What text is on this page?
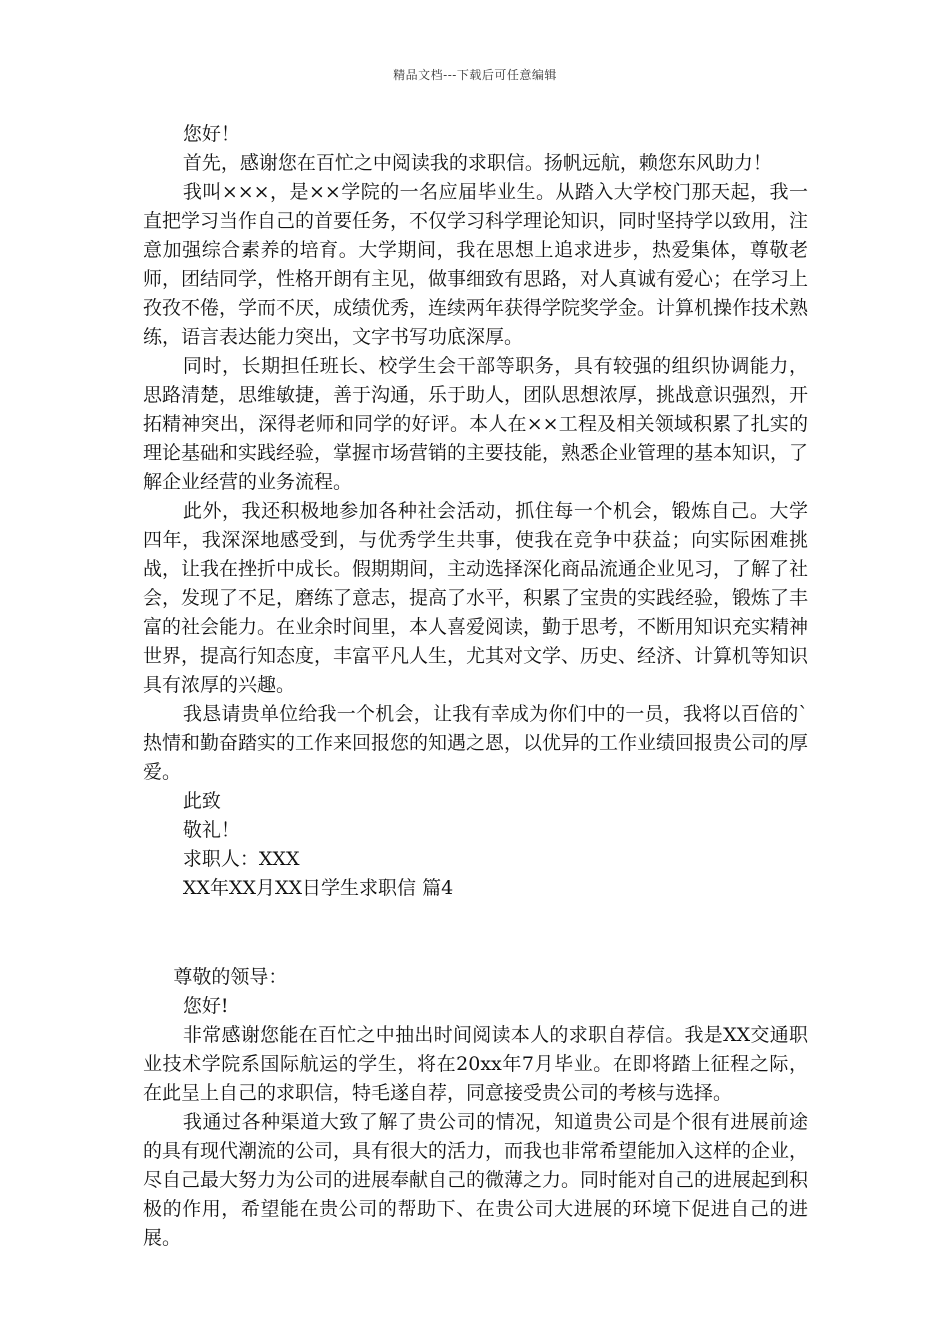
精品文档---下载后可任意编辑

您好！

首先，感谢您在百忙之中阅读我的求职信。扬帆远航，赖您东风助力！

我叫×××，是××学院的一名应届毕业生。从踏入大学校门那天起，我一直把学习当作自己的首要任务，不仅学习科学理论知识，同时坚持学以致用，注意加强综合素养的培育。大学期间，我在思想上追求进步，热爱集体，尊敬老师，团结同学，性格开朗有主见，做事细致有思路，对人真诚有爱心；在学习上孜孜不倦，学而不厌，成绩优秀，连续两年获得学院奖学金。计算机操作技术熟练，语言表达能力突出，文字书写功底深厚。

同时，长期担任班长、校学生会干部等职务，具有较强的组织协调能力，思路清楚，思维敏捷，善于沟通，乐于助人，团队思想浓厚，挑战意识强烈，开拓精神突出，深得老师和同学的好评。本人在××工程及相关领域积累了扎实的理论基础和实践经验，掌握市场营销的主要技能，熟悉企业管理的基本知识，了解企业经营的业务流程。

此外，我还积极地参加各种社会活动，抓住每一个机会，锻炼自己。大学四年，我深深地感受到，与优秀学生共事，使我在竞争中获益；向实际困难挑战，让我在挫折中成长。假期期间，主动选择深化商品流通企业见习，了解了社会，发现了不足，磨练了意志，提高了水平，积累了宝贵的实践经验，锻炼了丰富的社会能力。在业余时间里，本人喜爱阅读，勤于思考，不断用知识充实精神世界，提高行知态度，丰富平凡人生，尤其对文学、历史、经济、计算机等知识具有浓厚的兴趣。

我恳请贵单位给我一个机会，让我有幸成为你们中的一员，我将以百倍的`热情和勤奋踏实的工作来回报您的知遇之恩，以优异的工作业绩回报贵公司的厚爱。

此致

敬礼！

求职人：XXX

XX年XX月XX日学生求职信 篇4

尊敬的领导：

您好!

非常感谢您能在百忙之中抽出时间阅读本人的求职自荐信。我是XX交通职业技术学院系国际航运的学生，将在20xx年7月毕业。在即将踏上征程之际，在此呈上自己的求职信，特毛遂自荐，同意接受贵公司的考核与选择。

我通过各种渠道大致了解了贵公司的情况，知道贵公司是个很有进展前途的具有现代潮流的公司，具有很大的活力，而我也非常希望能加入这样的企业，尽自己最大努力为公司的进展奉献自己的微薄之力。同时能对自己的进展起到积极的作用，希望能在贵公司的帮助下、在贵公司大进展的环境下促进自己的进展。
